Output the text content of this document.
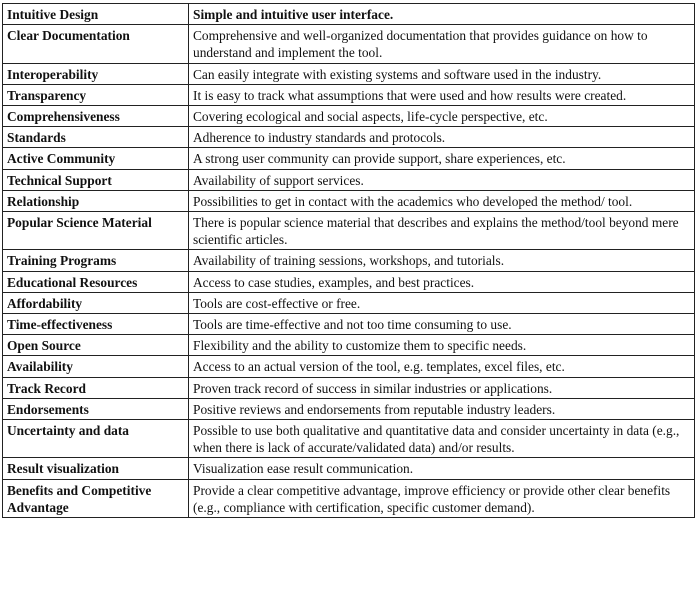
Intuitive Design	Simple and intuitive user interface.
Clear Documentation	Comprehensive and well-organized documentation that provides guidance on how to understand and implement the tool.
Interoperability	Can easily integrate with existing systems and software used in the industry.
Transparency	It is easy to track what assumptions that were used and how results were created.
Comprehensiveness	Covering ecological and social aspects, life-cycle perspective, etc.
Standards	Adherence to industry standards and protocols.
Active Community	A strong user community can provide support, share experiences, etc.
Technical Support	Availability of support services.
Relationship	Possibilities to get in contact with the academics who developed the method/ tool.
Popular Science Material	There is popular science material that describes and explains the method/tool beyond mere scientific articles.
Training Programs	Availability of training sessions, workshops, and tutorials.
Educational Resources	Access to case studies, examples, and best practices.
Affordability	Tools are cost-effective or free.
Time-effectiveness	Tools are time-effective and not too time consuming to use.
Open Source	Flexibility and the ability to customize them to specific needs.
Availability	Access to an actual version of the tool, e.g. templates, excel files, etc.
Track Record	Proven track record of success in similar industries or applications.
Endorsements	Positive reviews and endorsements from reputable industry leaders.
Uncertainty and data	Possible to use both qualitative and quantitative data and consider uncertainty in data (e.g., when there is lack of accurate/validated data) and/or results.
Result visualization	Visualization ease result communication.
Benefits and Competitive Advantage	Provide a clear competitive advantage, improve efficiency or provide other clear benefits (e.g., compliance with certification, specific customer demand).
